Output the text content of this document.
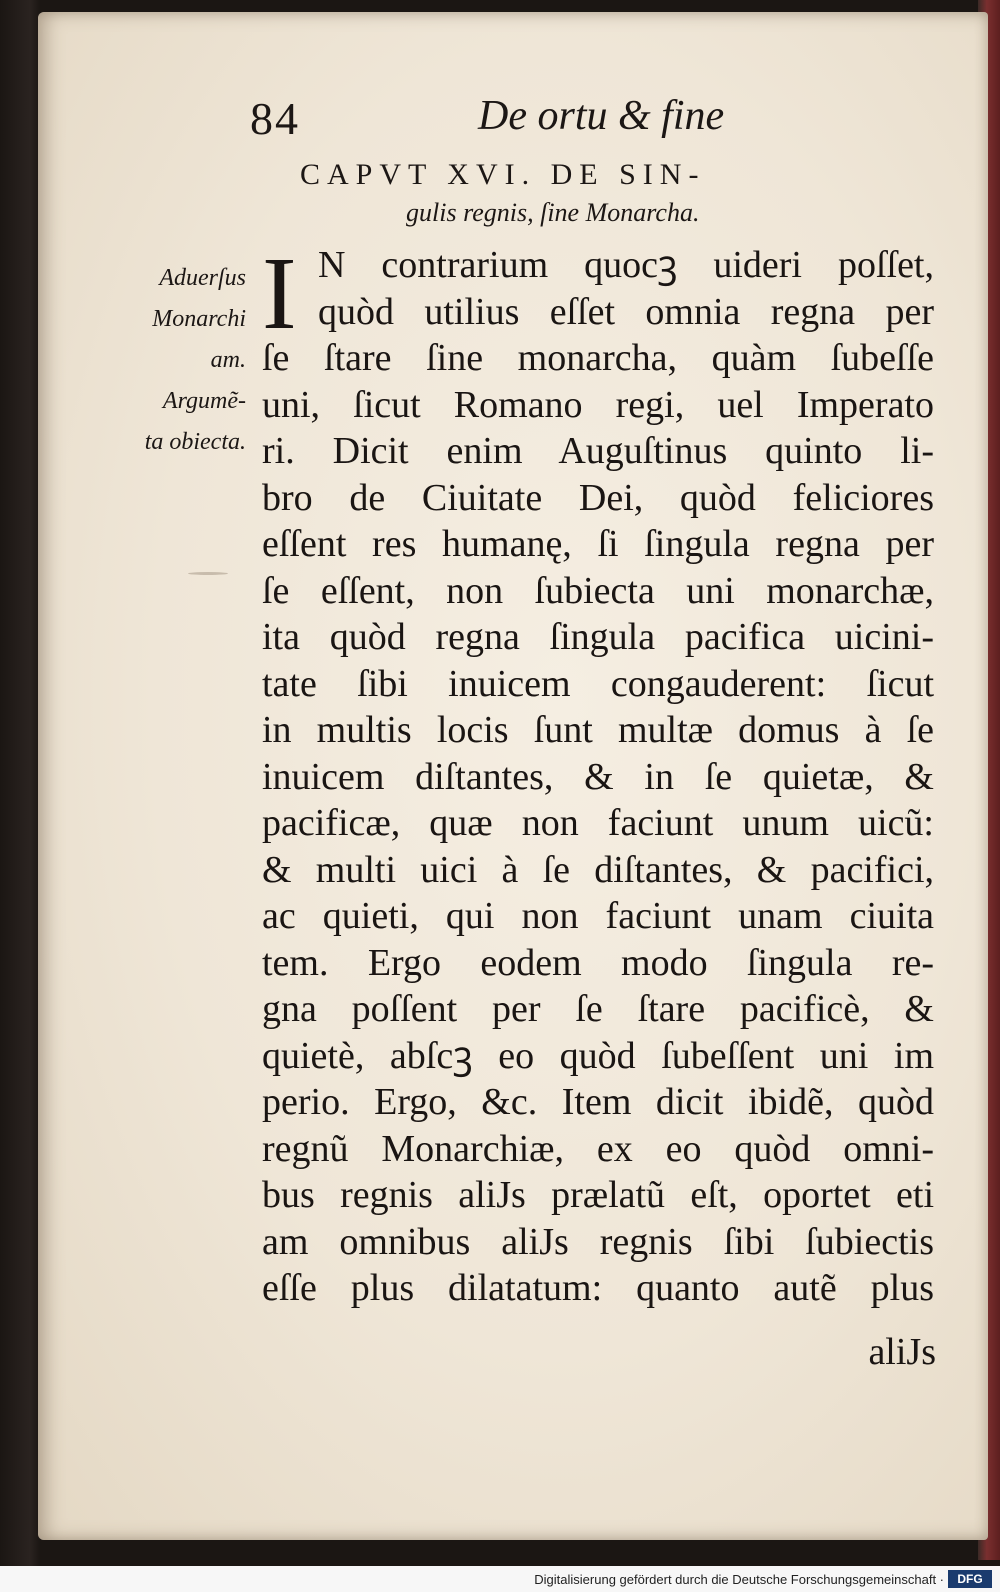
84	De ortu & fine
CAPVT XVI. DE SIN-
gulis regnis, ſine Monarcha.
Aduerſus
Monarchi
am.
Argumẽ-
ta obiecta.
I N contrarium quocꝫ uideri poſſet,
quòd utilius eſſet omnia regna per
ſe ſtare ſine monarcha, quàm ſubeſſe
uni, ſicut Romano regi, uel Imperato
ri. Dicit enim Auguſtinus quinto li-
bro de Ciuitate Dei, quòd feliciores
eſſent res humanę, ſi ſingula regna per
ſe eſſent, non ſubiecta uni monarchæ,
ita quòd regna ſingula pacifica uicini-
tate ſibi inuicem congauderent: ſicut
in multis locis ſunt multæ domus à ſe
inuicem diſtantes, & in ſe quietæ, &
pacificæ, quæ non faciunt unum uicũ:
& multi uici à ſe diſtantes, & pacifici,
ac quieti, qui non faciunt unam ciuita
tem. Ergo eodem modo ſingula re-
gna poſſent per ſe ſtare pacificè, &
quietè, abſcꝫ eo quòd ſubeſſent uni im
perio. Ergo, &c. Item dicit ibidẽ, quòd
regnũ Monarchiæ, ex eo quòd omni-
bus regnis aliJs prælatũ eſt, oportet eti
am omnibus aliJs regnis ſibi ſubiectis
eſſe plus dilatatum: quanto autẽ plus
aliJs
Digitalisierung gefördert durch die Deutsche Forschungsgemeinschaft ·	DFG
